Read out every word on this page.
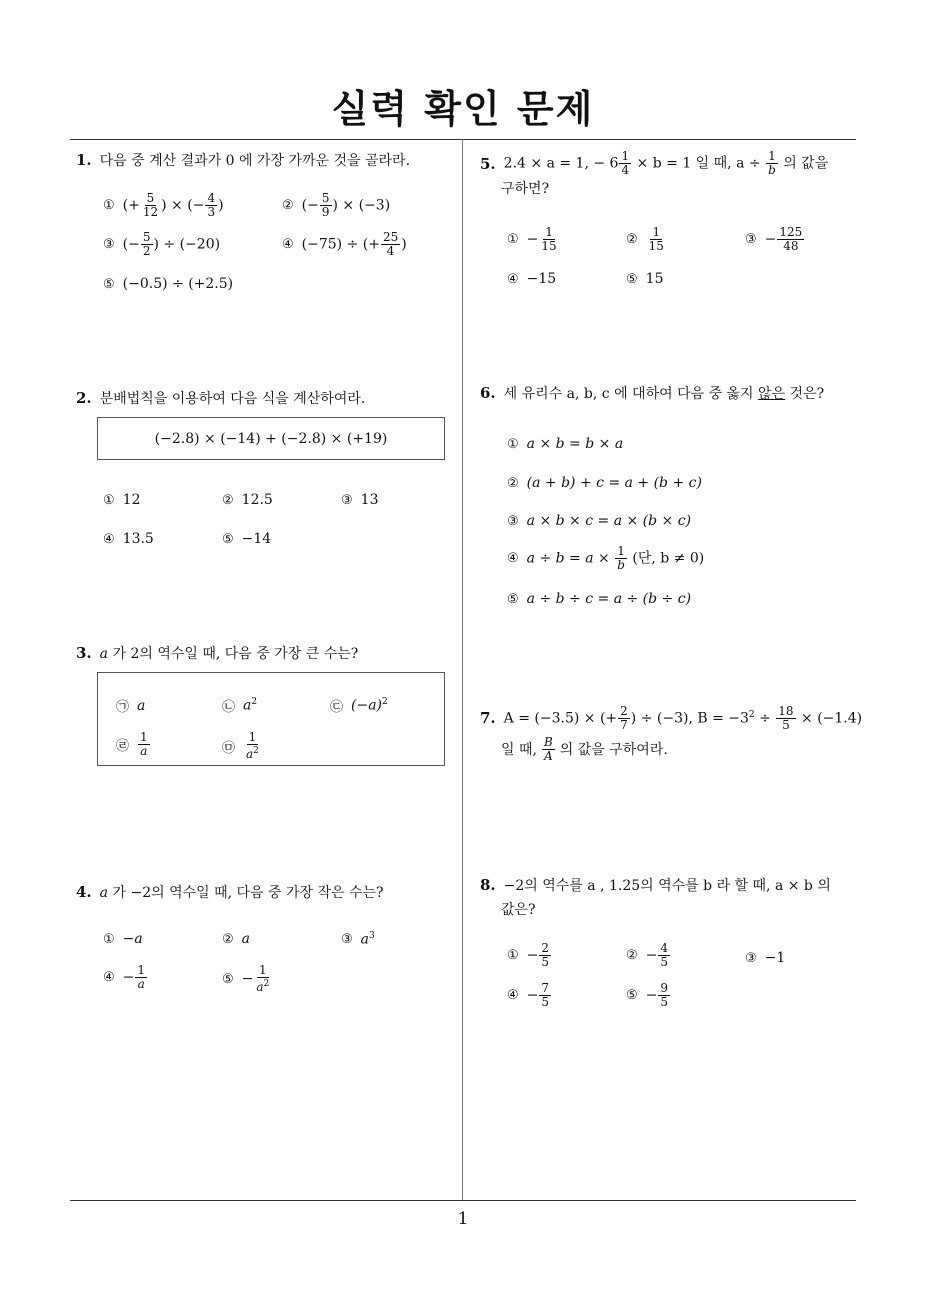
실력 확인 문제
1
1. 다음 중 계산 결과가 0 에 가장 가까운 것을 골라라.
① (+ $\frac{5}{12}$ ) × (− $\frac{4}{3}$ )	② (− $\frac{5}{9}$ ) × (−3)
③ (− $\frac{5}{2}$ ) ÷ (−20)	④ (−75) ÷ (+ $\frac{25}{4}$ )
⑤ (−0.5) ÷ (+2.5)
2. 분배법칙을 이용하여 다음 식을 계산하여라.
(−2.8) × (−14) + (−2.8) × (+19)
① 12	② 12.5	③ 13
④ 13.5	⑤ −14
3. a 가 2의 역수일 때, 다음 중 가장 큰 수는?
㉠ a	㉡ $a^2$	㉢ $(-a)^2$
㉣ $\frac{1}{a}$	㉤ $\frac{1}{a^2}$
4. a 가 −2의 역수일 때, 다음 중 가장 작은 수는?
① −a	② a	③ $a^3$
④ − $\frac{1}{a}$	⑤ − $\frac{1}{a^2}$
5. 2.4 × a = 1, − $6 \frac{1}{4} \times b = 1$ 일 때, $a \div \frac{1}{b}$ 의 값을
구하면?
① − $\frac{1}{15}$	② $\frac{1}{15}$	③ − $\frac{125}{48}$
④ −15	⑤ 15
6. 세 유리수 a, b, c 에 대하여 다음 중 옳지 않은 것은?
① a × b = b × a
② (a + b) + c = a + (b + c)
③ a × b × c = a × (b × c)
④ $a \div b = a \times \frac{1}{b}$ (단, b ≠ 0)
⑤ a ÷ b ÷ c = a ÷ (b ÷ c)
7. A = (−3.5) × (+ $\frac{2}{7}$ ) ÷ (−3), $B = -3^2 \div \frac{18}{5} \times (-1.4)$
일 때, $\frac{B}{A}$ 의 값을 구하여라.
8. −2의 역수를 a , 1.25의 역수를 b 라 할 때, a × b 의
값은?
① − $\frac{2}{5}$	② − $\frac{4}{5}$	③ −1
④ − $\frac{7}{5}$	⑤ − $\frac{9}{5}$
